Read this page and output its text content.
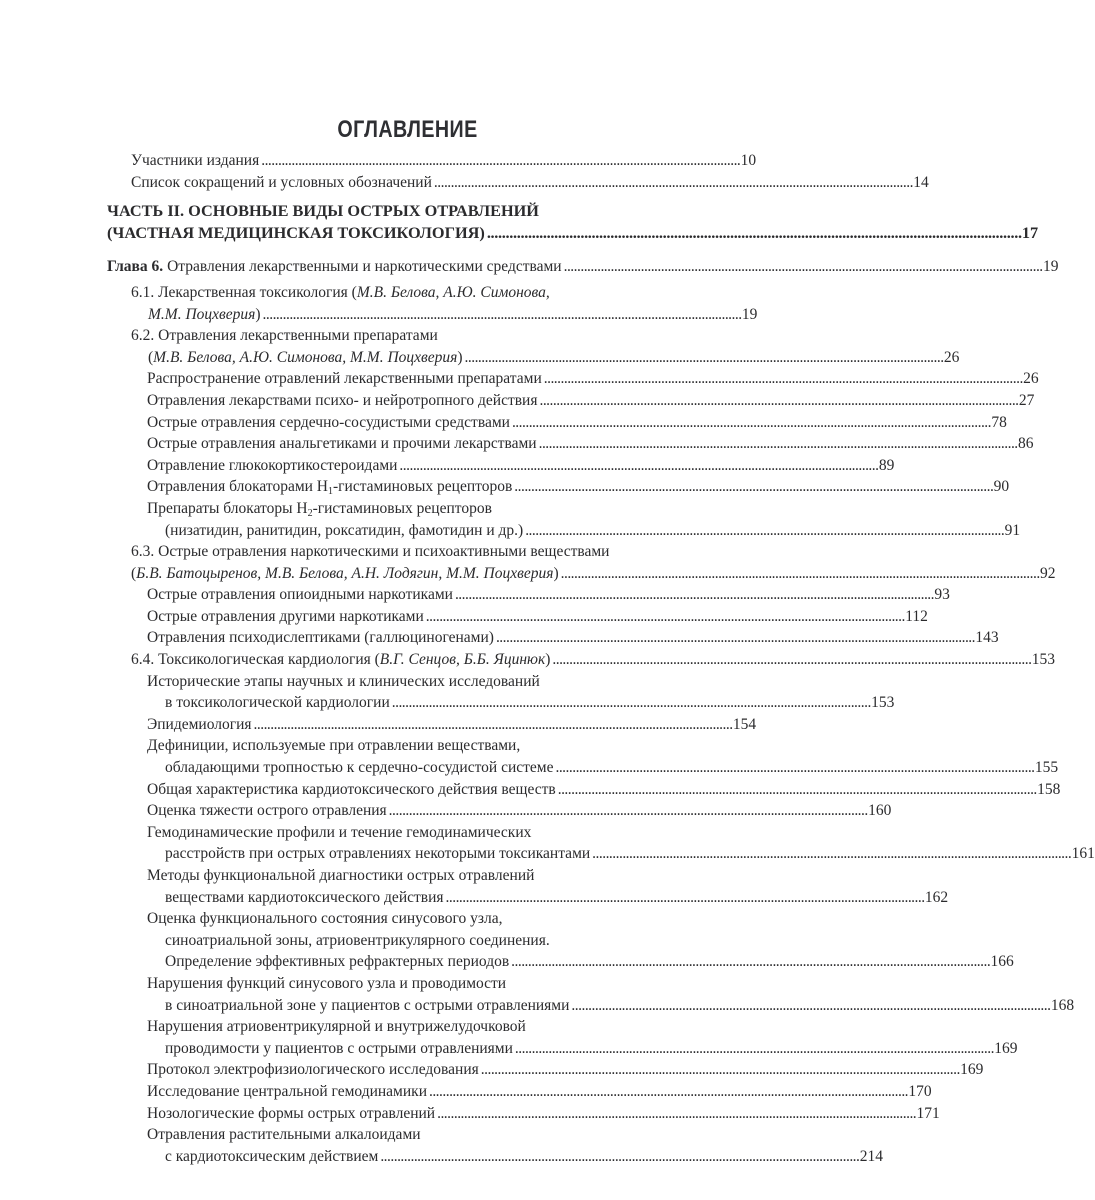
ОГЛАВЛЕНИЕ
Участники издания . . .	10
Список сокращений и условных обозначений . . .	14
ЧАСТЬ II. ОСНОВНЫЕ ВИДЫ ОСТРЫХ ОТРАВЛЕНИЙ
(ЧАСТНАЯ МЕДИЦИНСКАЯ ТОКСИКОЛОГИЯ) . . .	17
Глава 6. Отравления лекарственными и наркотическими средствами . . .	19
6.1. Лекарственная токсикология (М.В. Белова, А.Ю. Симонова,
М.М. Поцхверия) . . .	19
6.2. Отравления лекарственными препаратами
(М.В. Белова, А.Ю. Симонова, М.М. Поцхверия) . . .	26
Распространение отравлений лекарственными препаратами . . .	26
Отравления лекарствами психо- и нейротропного действия . . .	27
Острые отравления сердечно-сосудистыми средствами . . .	78
Острые отравления анальгетиками и прочими лекарствами . . .	86
Отравление глюкокортикостероидами . . .	89
Отравления блокаторами $H_1$-гистаминовых рецепторов . . .	90
Препараты блокаторы $H_2$-гистаминовых рецепторов
(низатидин, ранитидин, роксатидин, фамотидин и др.) . . .	91
6.3. Острые отравления наркотическими и психоактивными веществами
(Б.В. Батоцыренов, М.В. Белова, А.Н. Лодягин, М.М. Поцхверия) . . .	92
Острые отравления опиоидными наркотиками . . .	93
Острые отравления другими наркотиками . . .	112
Отравления психодислептиками (галлюциногенами) . . .	143
6.4. Токсикологическая кардиология (В.Г. Сенцов, Б.Б. Яцинюк) . . .	153
Исторические этапы научных и клинических исследований
в токсикологической кардиологии . . .	153
Эпидемиология . . .	154
Дефиниции, используемые при отравлении веществами,
обладающими тропностью к сердечно-сосудистой системе . . .	155
Общая характеристика кардиотоксического действия веществ . . .	158
Оценка тяжести острого отравления . . .	160
Гемодинамические профили и течение гемодинамических
расстройств при острых отравлениях некоторыми токсикантами . . .	161
Методы функциональной диагностики острых отравлений
веществами кардиотоксического действия . . .	162
Оценка функционального состояния синусового узла,
синоатриальной зоны, атриовентрикулярного соединения.
Определение эффективных рефрактерных периодов . . .	166
Нарушения функций синусового узла и проводимости
в синоатриальной зоне у пациентов с острыми отравлениями . . .	168
Нарушения атриовентрикулярной и внутрижелудочковой
проводимости у пациентов с острыми отравлениями . . .	169
Протокол электрофизиологического исследования . . .	169
Исследование центральной гемодинамики . . .	170
Нозологические формы острых отравлений . . .	171
Отравления растительными алкалоидами
с кардиотоксическим действием . . .	214
